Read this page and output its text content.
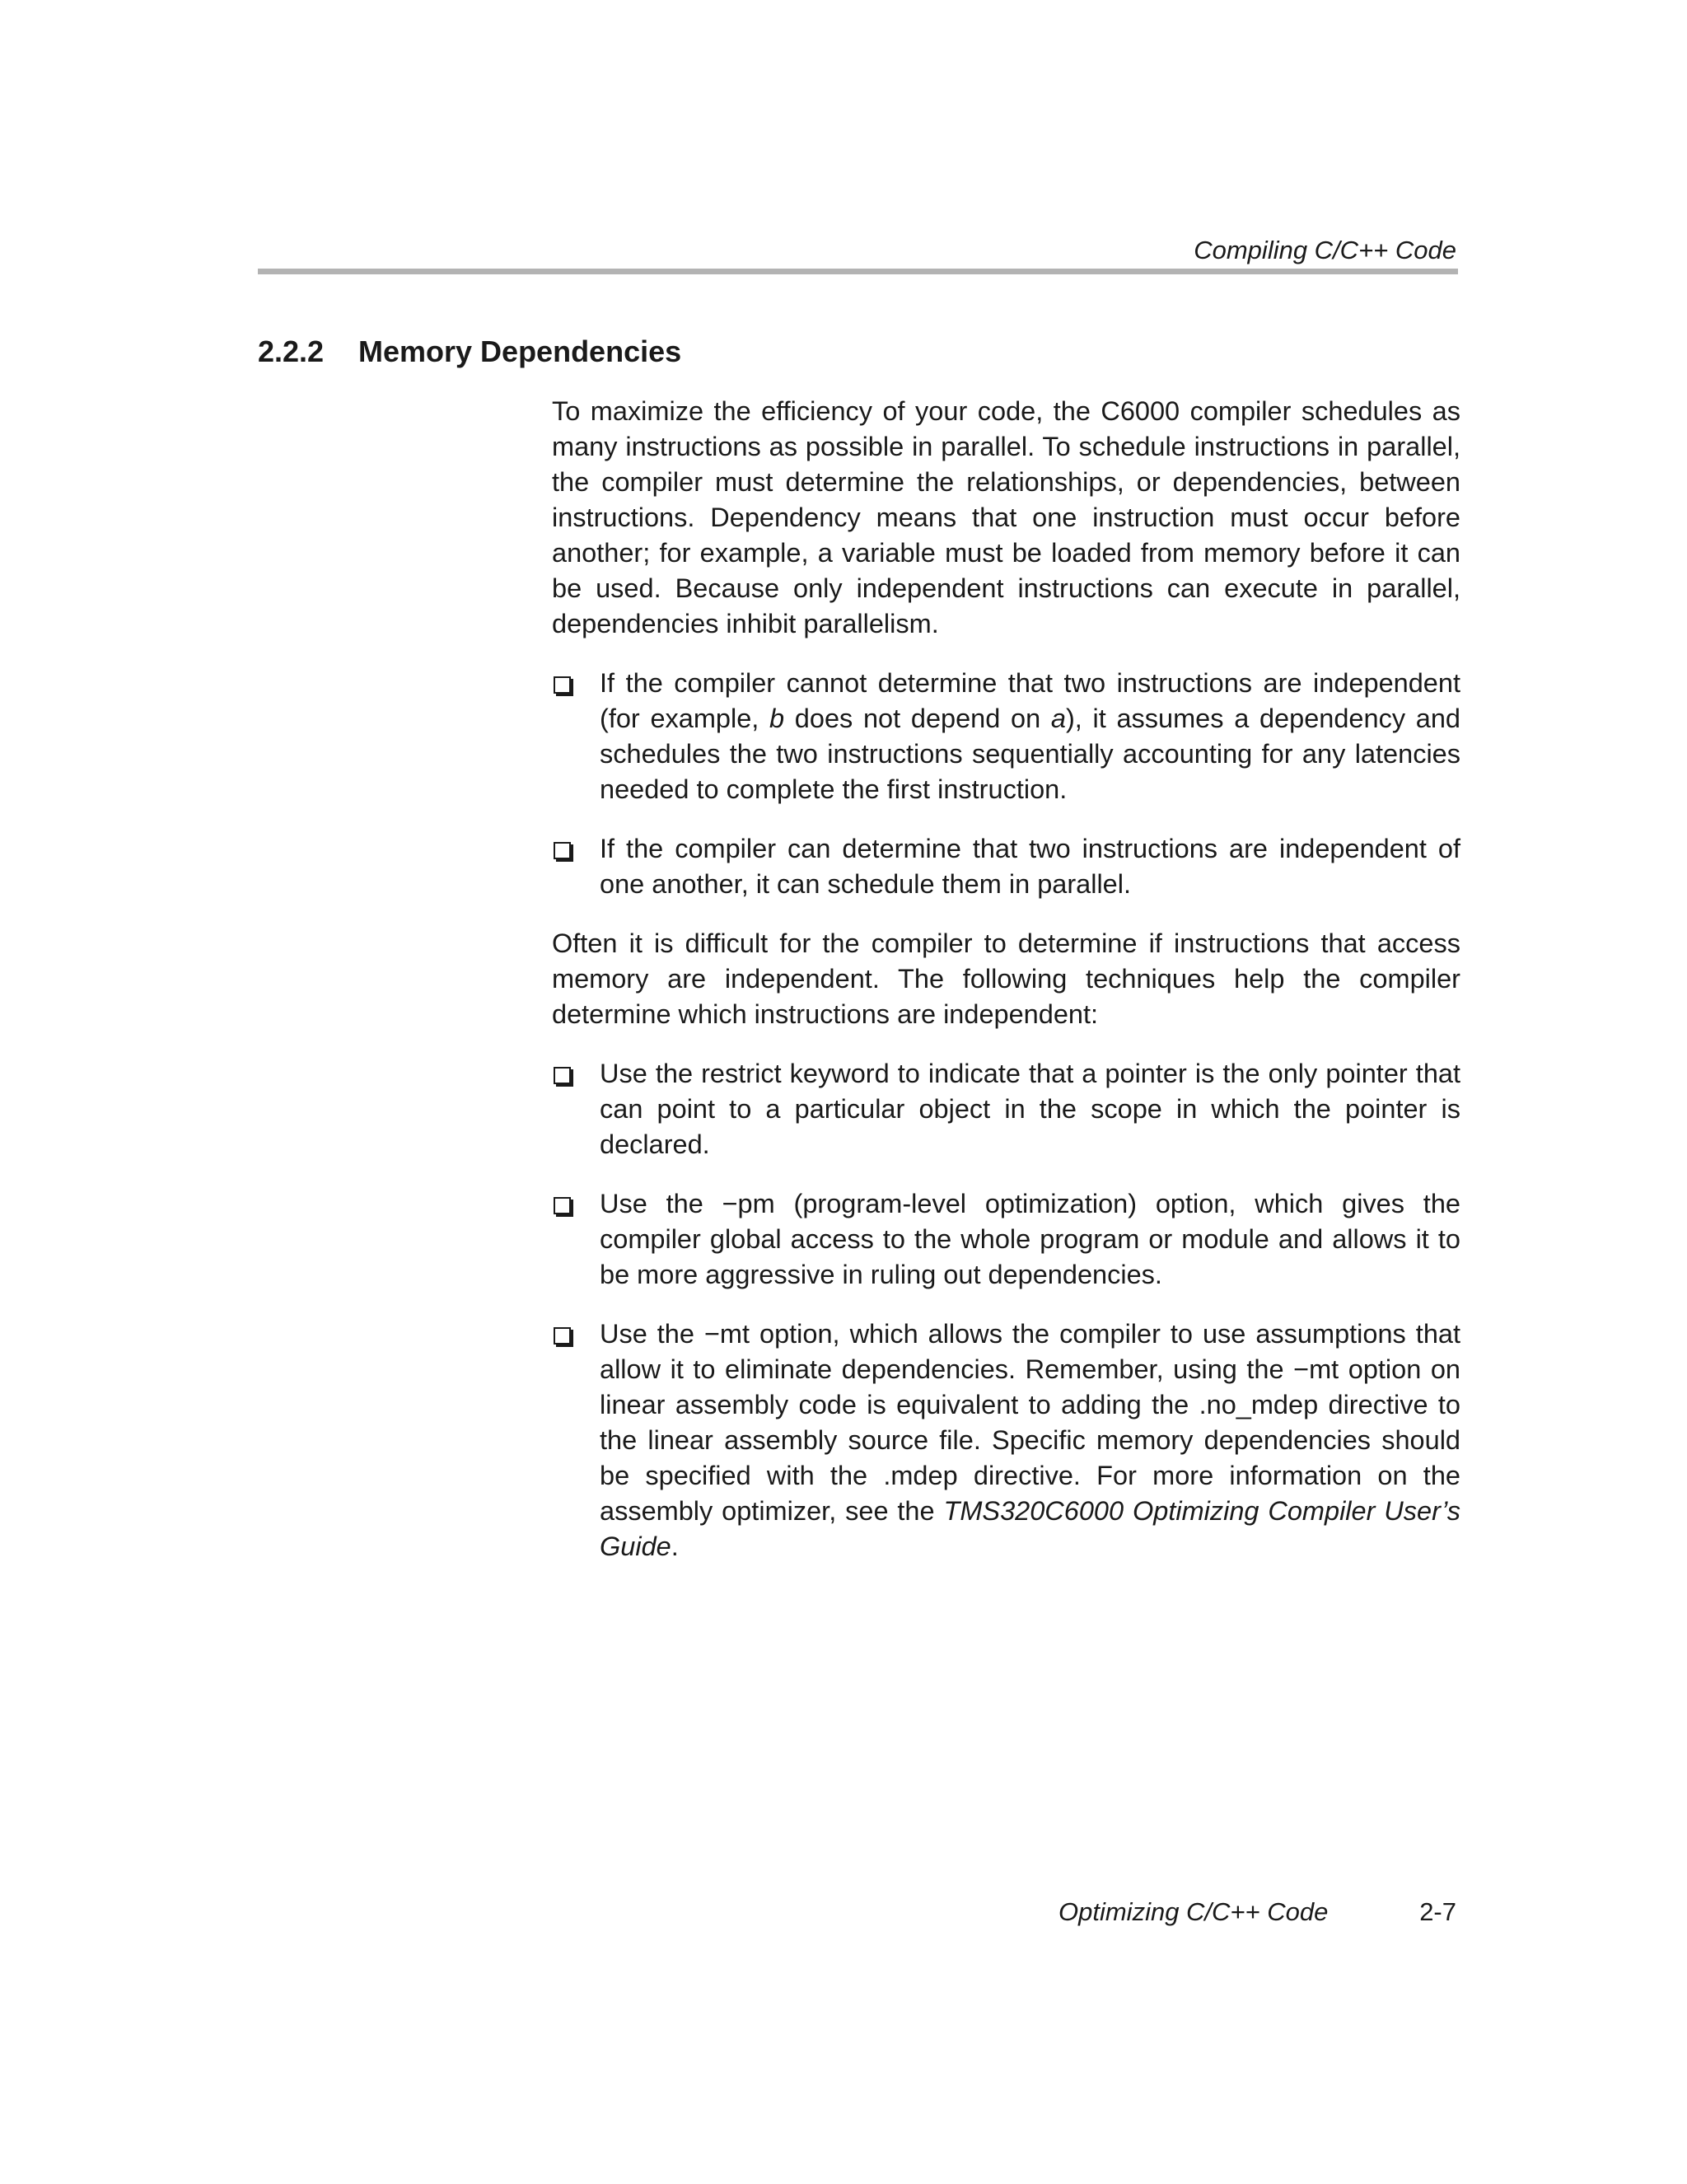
Compiling C/C++ Code
2.2.2 Memory Dependencies

To maximize the efficiency of your code, the C6000 compiler schedules as many instructions as possible in parallel. To schedule instructions in parallel, the compiler must determine the relationships, or dependencies, between instructions. Dependency means that one instruction must occur before another; for example, a variable must be loaded from memory before it can be used. Because only independent instructions can execute in parallel, dependencies inhibit parallelism.

If the compiler cannot determine that two instructions are independent (for example, b does not depend on a), it assumes a dependency and schedules the two instructions sequentially accounting for any latencies needed to complete the first instruction.
If the compiler can determine that two instructions are independent of one another, it can schedule them in parallel.

Often it is difficult for the compiler to determine if instructions that access memory are independent. The following techniques help the compiler determine which instructions are independent:

Use the restrict keyword to indicate that a pointer is the only pointer that can point to a particular object in the scope in which the pointer is declared.
Use the −pm (program-level optimization) option, which gives the compiler global access to the whole program or module and allows it to be more aggressive in ruling out dependencies.
Use the −mt option, which allows the compiler to use assumptions that allow it to eliminate dependencies. Remember, using the −mt option on linear assembly code is equivalent to adding the .no_mdep directive to the linear assembly source file. Specific memory dependencies should be specified with the .mdep directive. For more information on the assembly optimizer, see the TMS320C6000 Optimizing Compiler User’s Guide.
Optimizing C/C++ Code	2-7
